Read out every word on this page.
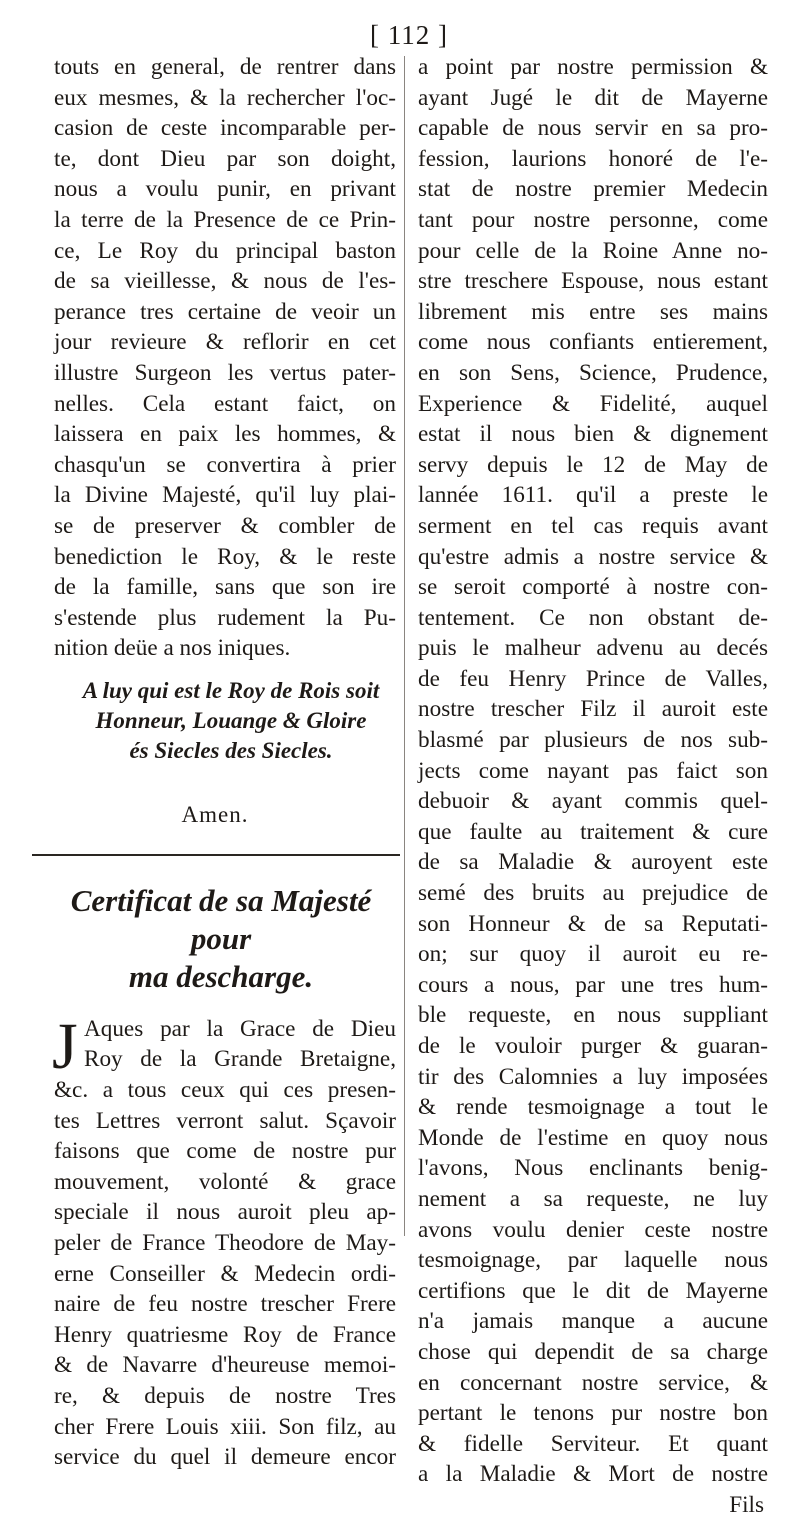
[ 112 ]
touts en general, de rentrer dans
eux mesmes, & la rechercher l'oc-
casion de ceste incomparable per-
te, dont Dieu par son doight,
nous a voulu punir, en privant
la terre de la Presence de ce Prin-
ce, Le Roy du principal baston
de sa vieillesse, & nous de l'es-
perance tres certaine de veoir un
jour revieure & reflorir en cet
illustre Surgeon les vertus pater-
nelles. Cela estant faict, on
laissera en paix les hommes, &
chasqu'un se convertira à prier
la Divine Majesté, qu'il luy plai-
se de preserver & combler de
benediction le Roy, & le reste
de la famille, sans que son ire
s'estende plus rudement la Pu-
nition deüe a nos iniques.
A luy qui est le Roy de Rois soit
Honneur, Louange & Gloire
és Siecles des Siecles.
Amen.
Certificat de sa Majesté pour
ma descharge.
J Aques par la Grace de Dieu
Roy de la Grande Bretaigne,
&c. a tous ceux qui ces presen-
tes Lettres verront salut. Sçavoir
faisons que come de nostre pur
mouvement, volonté & grace
speciale il nous auroit pleu ap-
peler de France Theodore de May-
erne Conseiller & Medecin ordi-
naire de feu nostre trescher Frere
Henry quatriesme Roy de France
& de Navarre d'heureuse memoi-
re, & depuis de nostre Tres
cher Frere Louis xiii. Son filz, au
service du quel il demeure encor
a point par nostre permission &
ayant Jugé le dit de Mayerne
capable de nous servir en sa pro-
fession, laurions honoré de l'e-
stat de nostre premier Medecin
tant pour nostre personne, come
pour celle de la Roine Anne no-
stre treschere Espouse, nous estant
librement mis entre ses mains
come nous confiants entierement,
en son Sens, Science, Prudence,
Experience & Fidelité, auquel
estat il nous bien & dignement
servy depuis le 12 de May de
lannée 1611. qu'il a preste le
serment en tel cas requis avant
qu'estre admis a nostre service &
se seroit comporté à nostre con-
tentement. Ce non obstant de-
puis le malheur advenu au decés
de feu Henry Prince de Valles,
nostre trescher Filz il auroit este
blasmé par plusieurs de nos sub-
jects come nayant pas faict son
debuoir & ayant commis quel-
que faulte au traitement & cure
de sa Maladie & auroyent este
semé des bruits au prejudice de
son Honneur & de sa Reputati-
on; sur quoy il auroit eu re-
cours a nous, par une tres hum-
ble requeste, en nous suppliant
de le vouloir purger & guaran-
tir des Calomnies a luy imposées
& rende tesmoignage a tout le
Monde de l'estime en quoy nous
l'avons, Nous enclinants benig-
nement a sa requeste, ne luy
avons voulu denier ceste nostre
tesmoignage, par laquelle nous
certifions que le dit de Mayerne
n'a jamais manque a aucune
chose qui dependit de sa charge
en concernant nostre service, &
pertant le tenons pur nostre bon
& fidelle Serviteur. Et quant
a la Maladie & Mort de nostre
Fils
